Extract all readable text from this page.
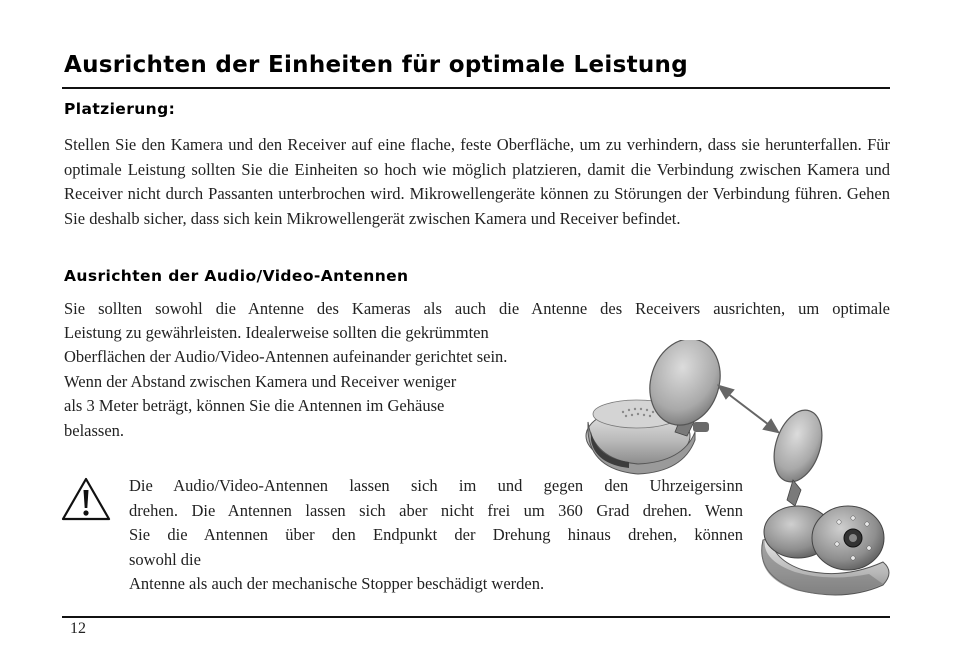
Ausrichten der Einheiten für optimale Leistung
Platzierung:

Stellen Sie den Kamera und den Receiver auf eine flache, feste Oberfläche, um zu verhindern, dass sie herunterfallen. Für optimale Leistung sollten Sie die Einheiten so hoch wie möglich platzieren, damit die Verbindung zwischen Kamera und Receiver nicht durch Passanten unterbrochen wird. Mikrowellengeräte können zu Störungen der Verbindung führen. Gehen Sie deshalb sicher, dass sich kein Mikrowellengerät zwischen Kamera und Receiver befindet.

Ausrichten der Audio/Video-Antennen

Sie sollten sowohl die Antenne des Kameras als auch die Antenne des Receivers ausrichten, um optimale

Leistung zu gewährleisten. Idealerweise sollten die gekrümmten

Oberflächen der Audio/Video-Antennen aufeinander gerichtet sein.

Wenn der Abstand zwischen Kamera und Receiver weniger

als 3 Meter beträgt, können Sie die Antennen im Gehäuse

belassen.

Die Audio/Video-Antennen lassen sich im und gegen den Uhrzeigersinn
drehen. Die Antennen lassen sich aber nicht frei um 360 Grad drehen. Wenn
Sie die Antennen über den Endpunkt der Drehung hinaus drehen, können
sowohl die
Antenne als auch der mechanische Stopper beschädigt werden.

12
